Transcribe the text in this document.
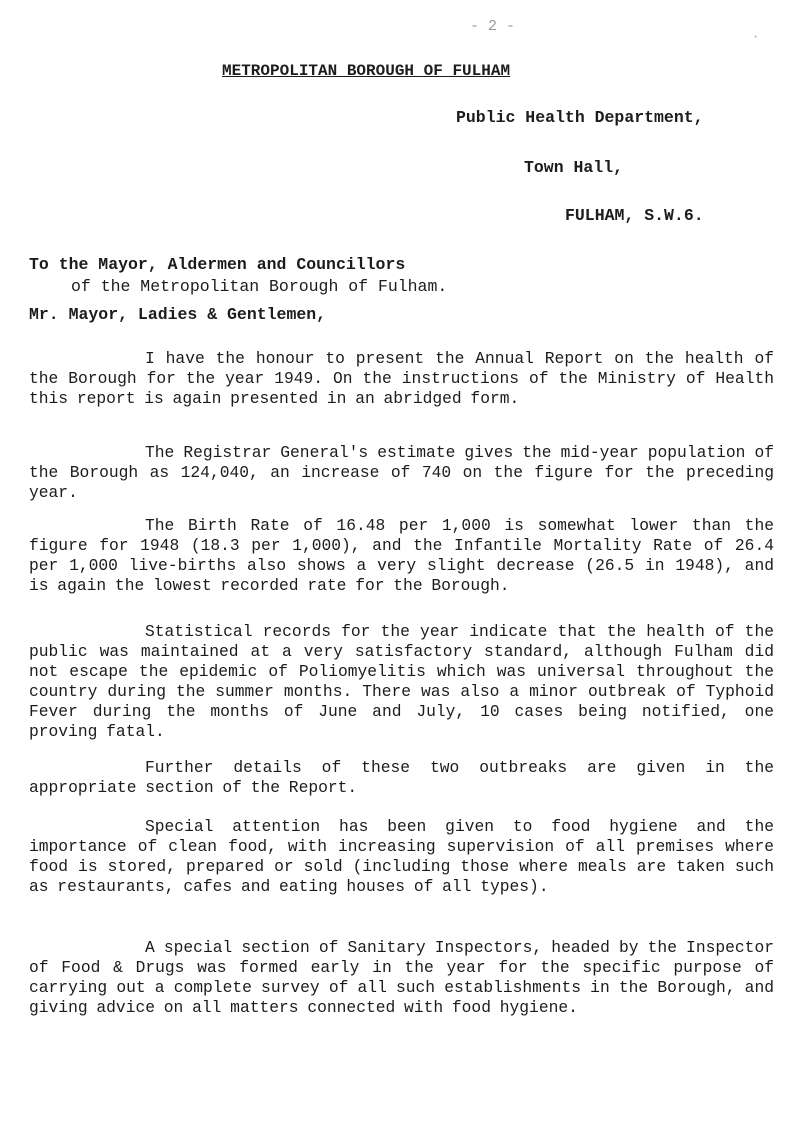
- 2 -
·
METROPOLITAN BOROUGH OF FULHAM
Public Health Department,
Town Hall,
FULHAM, S.W.6.
To the Mayor, Aldermen and Councillors
of the Metropolitan Borough of Fulham.
Mr. Mayor, Ladies & Gentlemen,
I have the honour to present the Annual Report on the health of the Borough for the year 1949. On the instructions of the Ministry of Health this report is again presented in an abridged form.
The Registrar General's estimate gives the mid-year population of the Borough as 124,040, an increase of 740 on the figure for the preceding year.
The Birth Rate of 16.48 per 1,000 is somewhat lower than the figure for 1948 (18.3 per 1,000), and the Infantile Mortality Rate of 26.4 per 1,000 live-births also shows a very slight decrease (26.5 in 1948), and is again the lowest recorded rate for the Borough.
Statistical records for the year indicate that the health of the public was maintained at a very satisfactory standard, although Fulham did not escape the epidemic of Poliomyelitis which was universal throughout the country during the summer months. There was also a minor outbreak of Typhoid Fever during the months of June and July, 10 cases being notified, one proving fatal.
Further details of these two outbreaks are given in the appropriate section of the Report.
Special attention has been given to food hygiene and the importance of clean food, with increasing supervision of all premises where food is stored, prepared or sold (including those where meals are taken such as restaurants, cafes and eating houses of all types).
A special section of Sanitary Inspectors, headed by the Inspector of Food & Drugs was formed early in the year for the specific purpose of carrying out a complete survey of all such establishments in the Borough, and giving advice on all matters connected with food hygiene.
